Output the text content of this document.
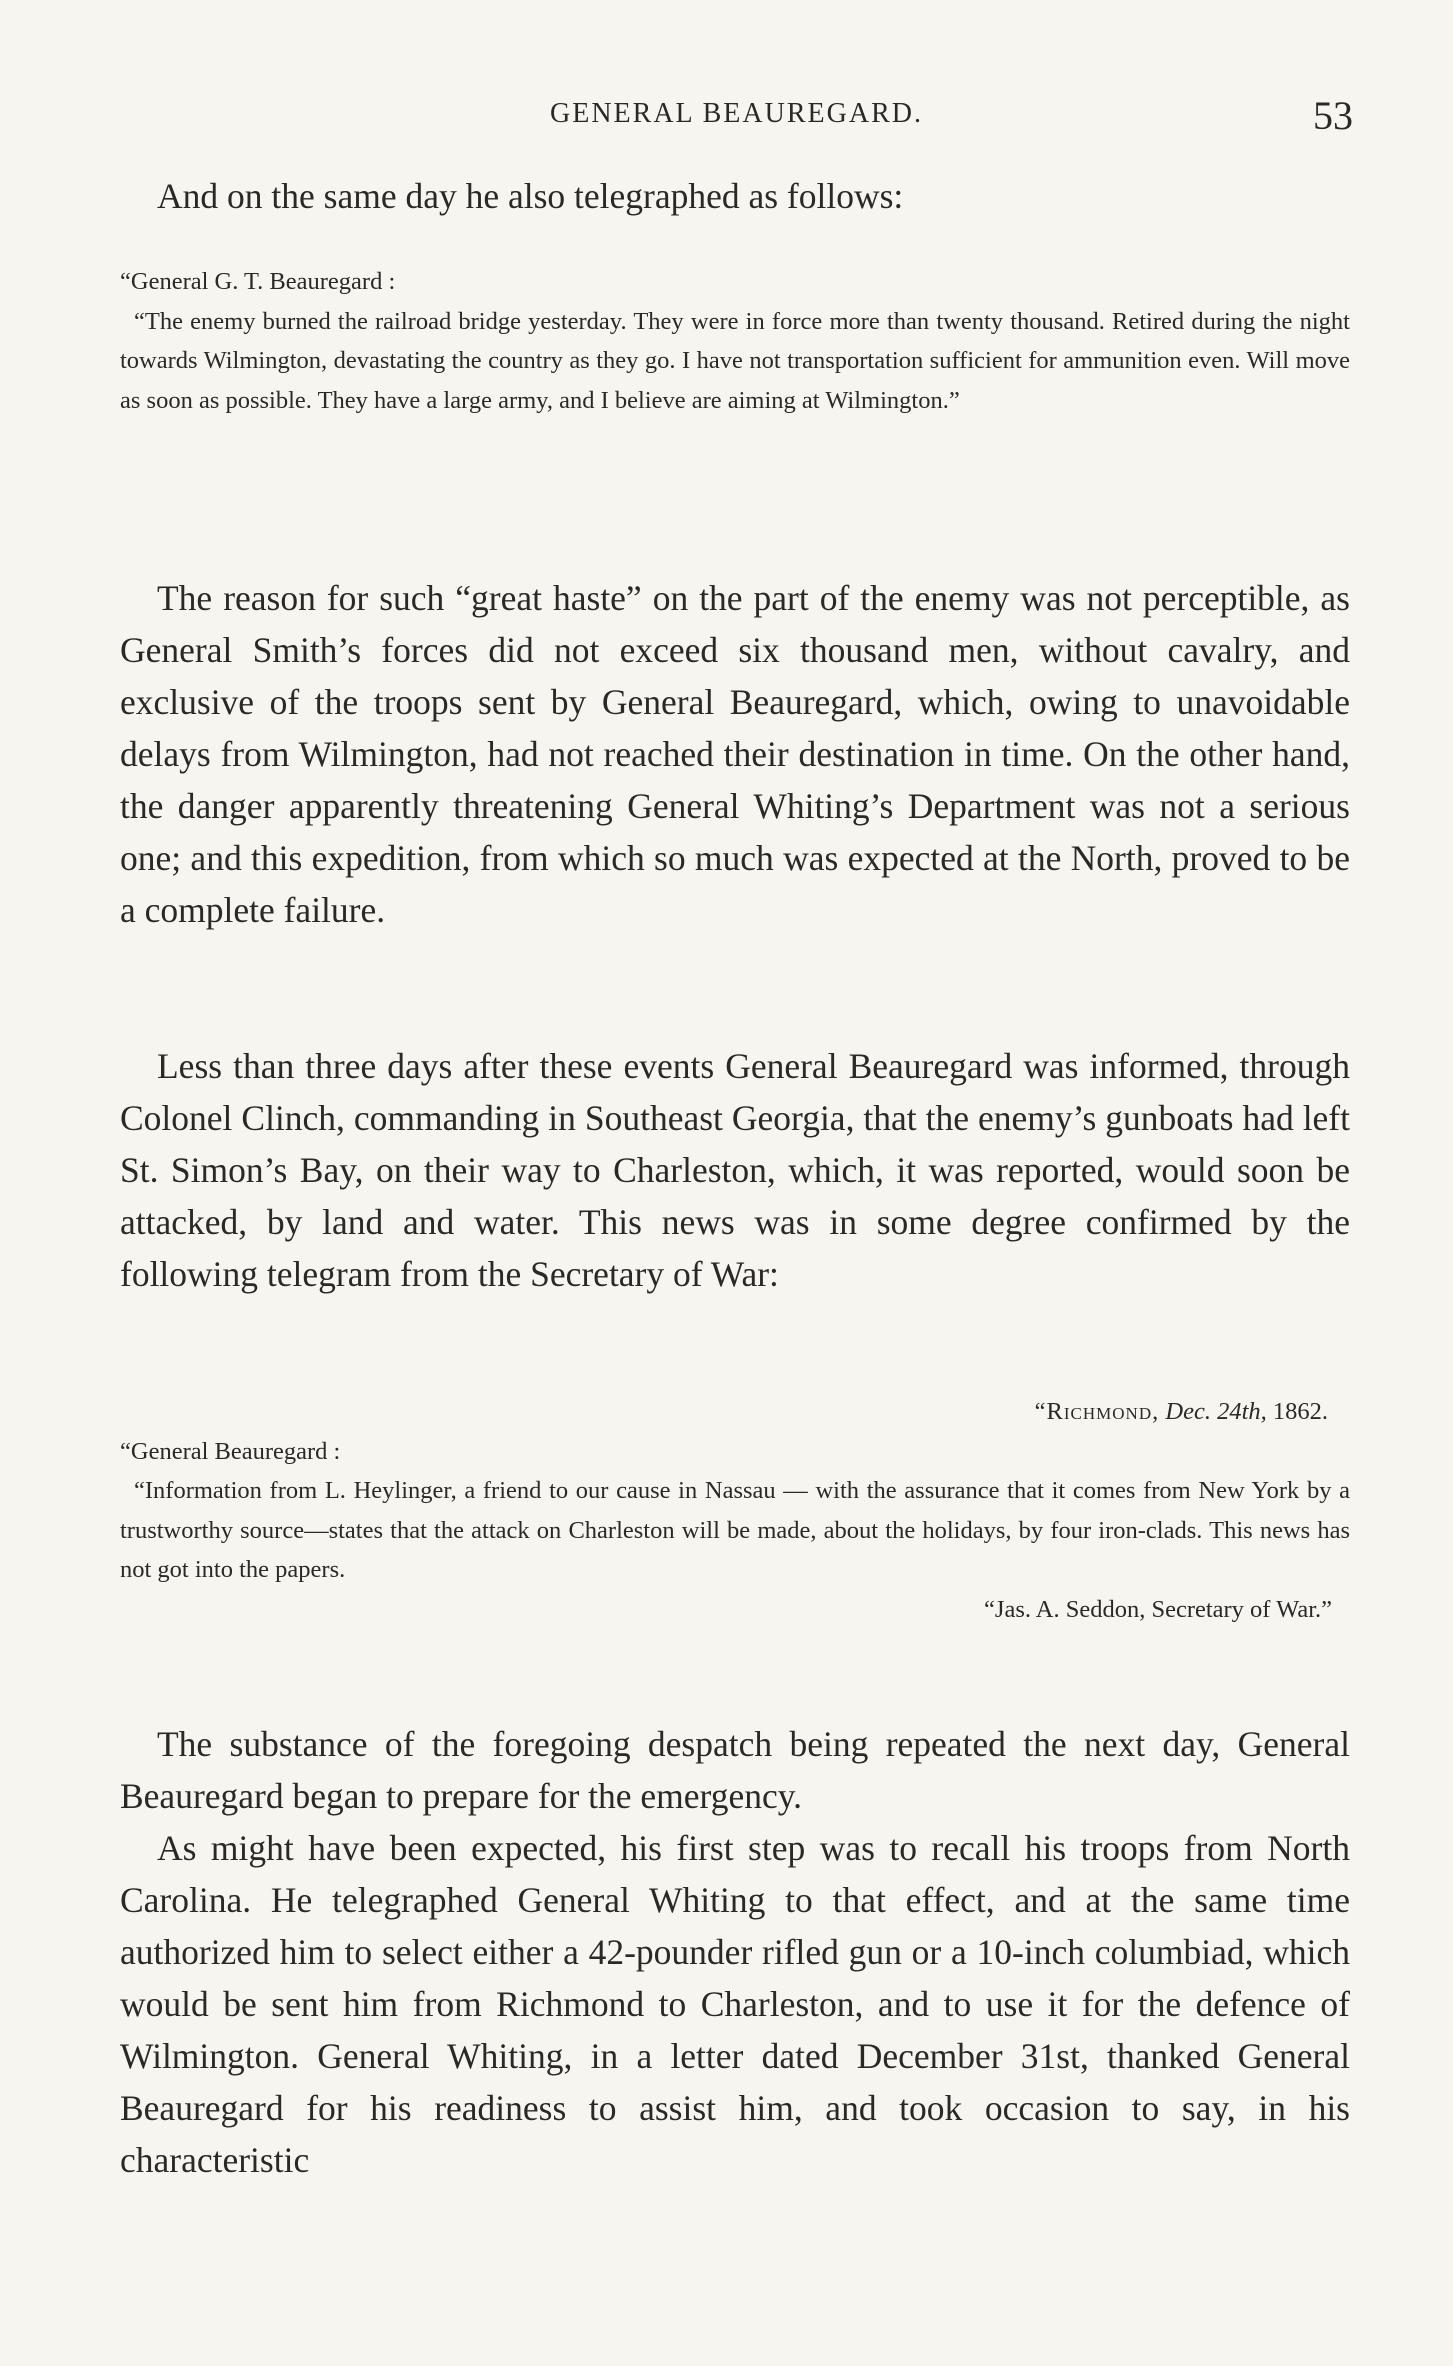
GENERAL BEAUREGARD.	53

And on the same day he also telegraphed as follows:

“General G. T. Beauregard :

“The enemy burned the railroad bridge yesterday. They were in force more than twenty thousand. Retired during the night towards Wilmington, devastating the country as they go. I have not transportation sufficient for ammunition even. Will move as soon as possible. They have a large army, and I believe are aiming at Wilmington.”

The reason for such “great haste” on the part of the enemy was not perceptible, as General Smith’s forces did not exceed six thousand men, without cavalry, and exclusive of the troops sent by General Beauregard, which, owing to unavoidable delays from Wilmington, had not reached their destination in time. On the other hand, the danger apparently threatening General Whiting’s Department was not a serious one; and this expedition, from which so much was expected at the North, proved to be a complete failure.

Less than three days after these events General Beauregard was informed, through Colonel Clinch, commanding in Southeast Georgia, that the enemy’s gunboats had left St. Simon’s Bay, on their way to Charleston, which, it was reported, would soon be attacked, by land and water. This news was in some degree confirmed by the following telegram from the Secretary of War:

“Richmond, Dec. 24th, 1862.

“General Beauregard :

“Information from L. Heylinger, a friend to our cause in Nassau — with the assurance that it comes from New York by a trustworthy source—states that the attack on Charleston will be made, about the holidays, by four iron-clads. This news has not got into the papers.

“Jas. A. Seddon, Secretary of War.”

The substance of the foregoing despatch being repeated the next day, General Beauregard began to prepare for the emergency.

As might have been expected, his first step was to recall his troops from North Carolina. He telegraphed General Whiting to that effect, and at the same time authorized him to select either a 42-pounder rifled gun or a 10-inch columbiad, which would be sent him from Richmond to Charleston, and to use it for the defence of Wilmington. General Whiting, in a letter dated December 31st, thanked General Beauregard for his readiness to assist him, and took occasion to say, in his characteristic
